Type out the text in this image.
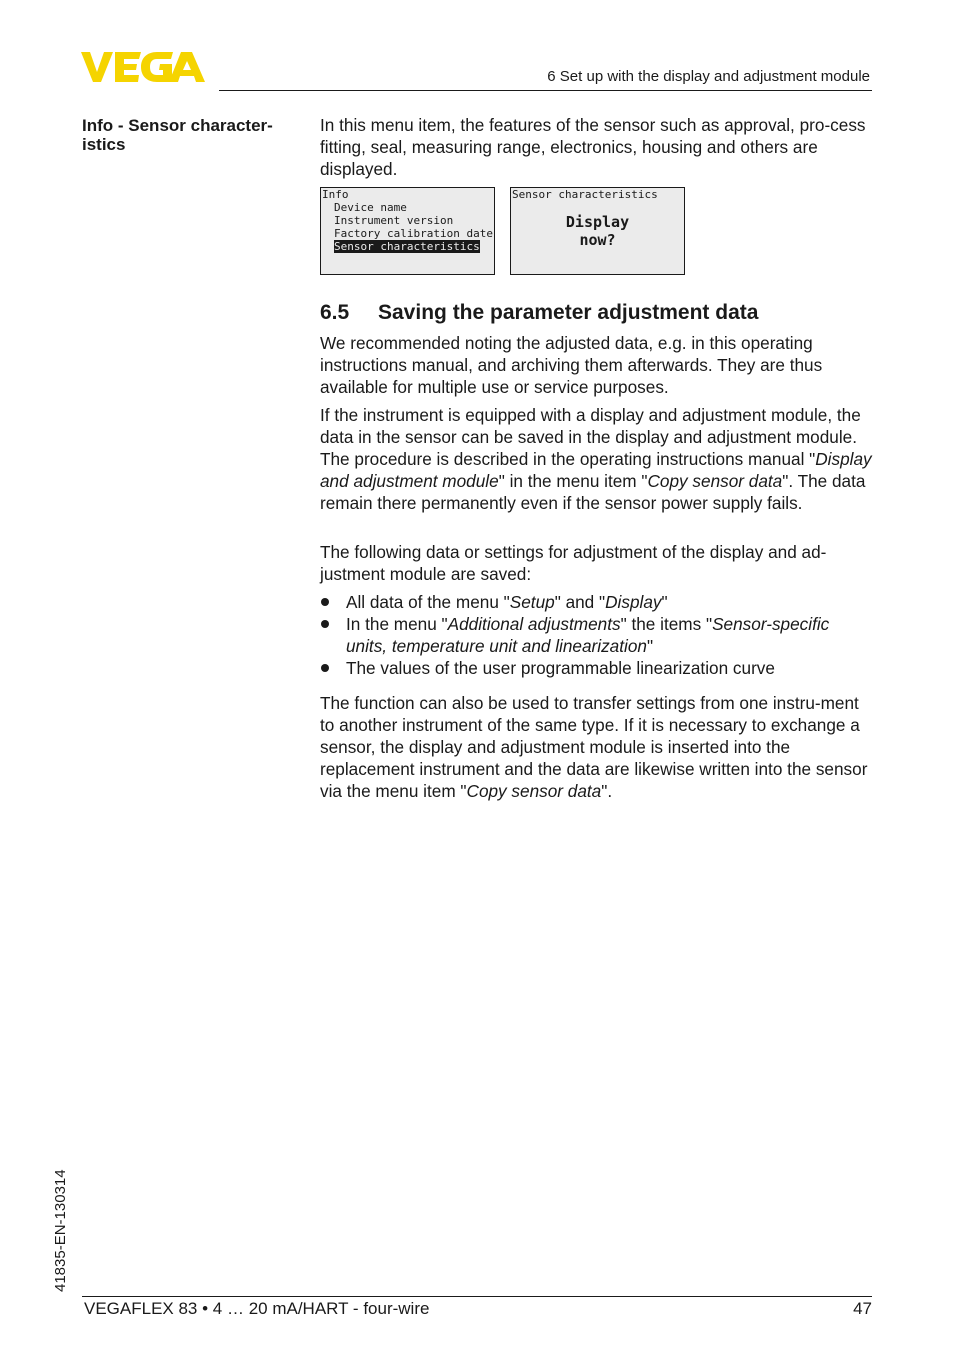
6 Set up with the display and adjustment module
Info - Sensor character-istics

In this menu item, the features of the sensor such as approval, pro-cess fitting, seal, measuring range, electronics, housing and others are displayed.

Info
Device name
Instrument version
Factory calibration date
Sensor characteristics
Sensor characteristics
Display
now?
6.5 Saving the parameter adjustment data

We recommended noting the adjusted data, e.g. in this operating instructions manual, and archiving them afterwards. They are thus available for multiple use or service purposes.

If the instrument is equipped with a display and adjustment module, the data in the sensor can be saved in the display and adjustment module. The procedure is described in the operating instructions manual "Display and adjustment module" in the menu item "Copy sensor data". The data remain there permanently even if the sensor power supply fails.

The following data or settings for adjustment of the display and ad-justment module are saved:

All data of the menu "Setup" and "Display"
In the menu "Additional adjustments" the items "Sensor-specific units, temperature unit and linearization"
The values of the user programmable linearization curve

The function can also be used to transfer settings from one instru-ment to another instrument of the same type. If it is necessary to exchange a sensor, the display and adjustment module is inserted into the replacement instrument and the data are likewise written into the sensor via the menu item "Copy sensor data".

41835-EN-130314
VEGAFLEX 83 • 4 … 20 mA/HART - four-wire	47
